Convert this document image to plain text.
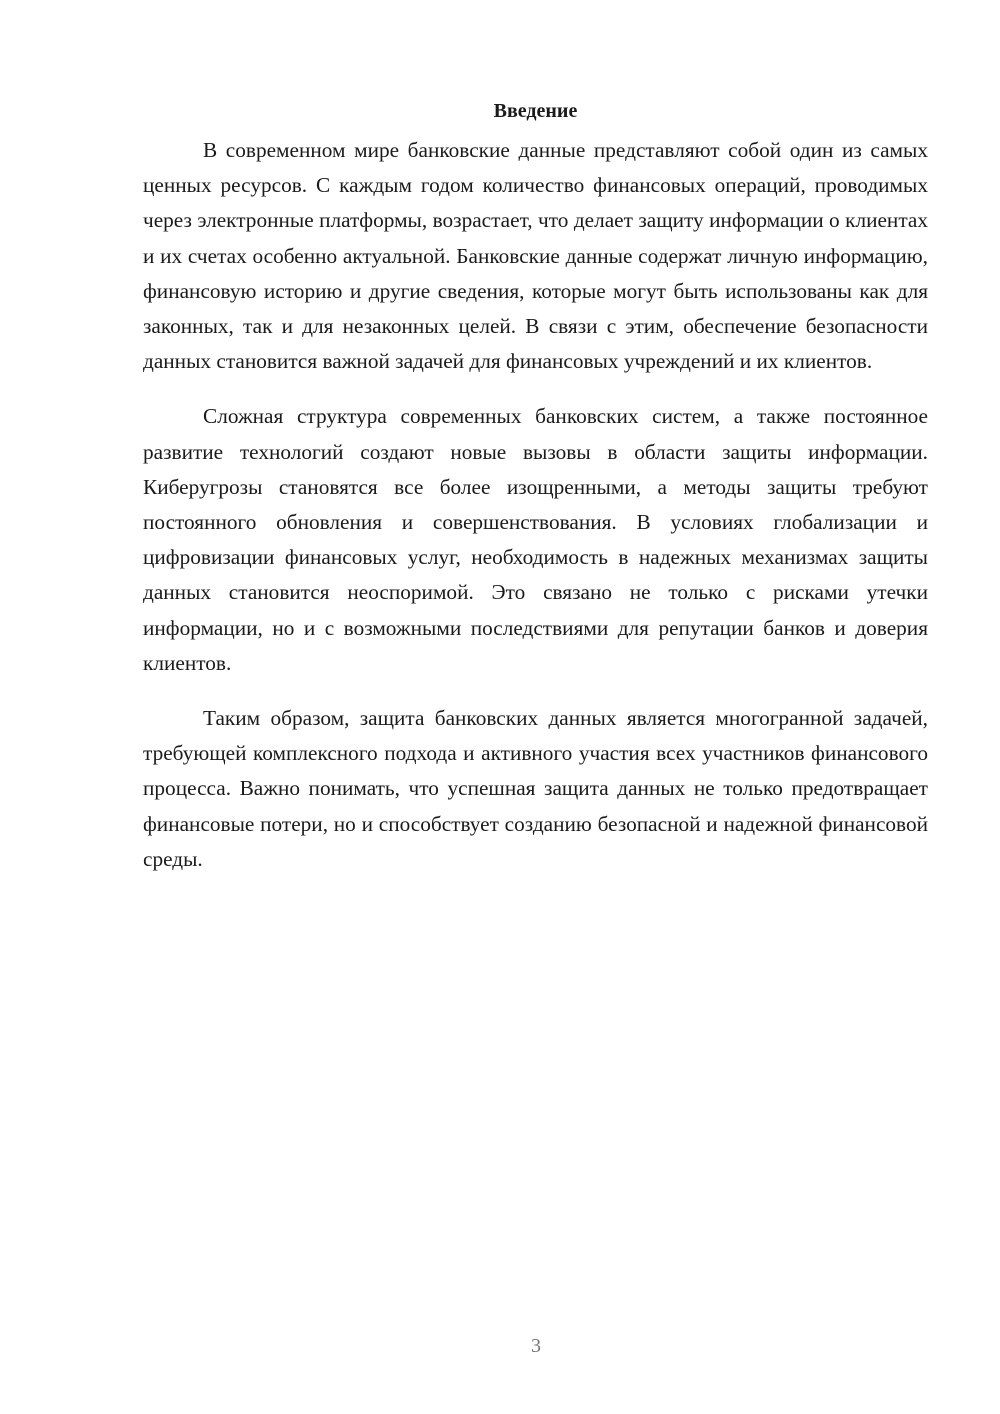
Введение

В современном мире банковские данные представляют собой один из самых ценных ресурсов. С каждым годом количество финансовых операций, проводимых через электронные платформы, возрастает, что делает защиту информации о клиентах и их счетах особенно актуальной. Банковские данные содержат личную информацию, финансовую историю и другие сведения, которые могут быть использованы как для законных, так и для незаконных целей. В связи с этим, обеспечение безопасности данных становится важной задачей для финансовых учреждений и их клиентов.

Сложная структура современных банковских систем, а также постоянное развитие технологий создают новые вызовы в области защиты информации. Киберугрозы становятся все более изощренными, а методы защиты требуют постоянного обновления и совершенствования. В условиях глобализации и цифровизации финансовых услуг, необходимость в надежных механизмах защиты данных становится неоспоримой. Это связано не только с рисками утечки информации, но и с возможными последствиями для репутации банков и доверия клиентов.

Таким образом, защита банковских данных является многогранной задачей, требующей комплексного подхода и активного участия всех участников финансового процесса. Важно понимать, что успешная защита данных не только предотвращает финансовые потери, но и способствует созданию безопасной и надежной финансовой среды.

3
